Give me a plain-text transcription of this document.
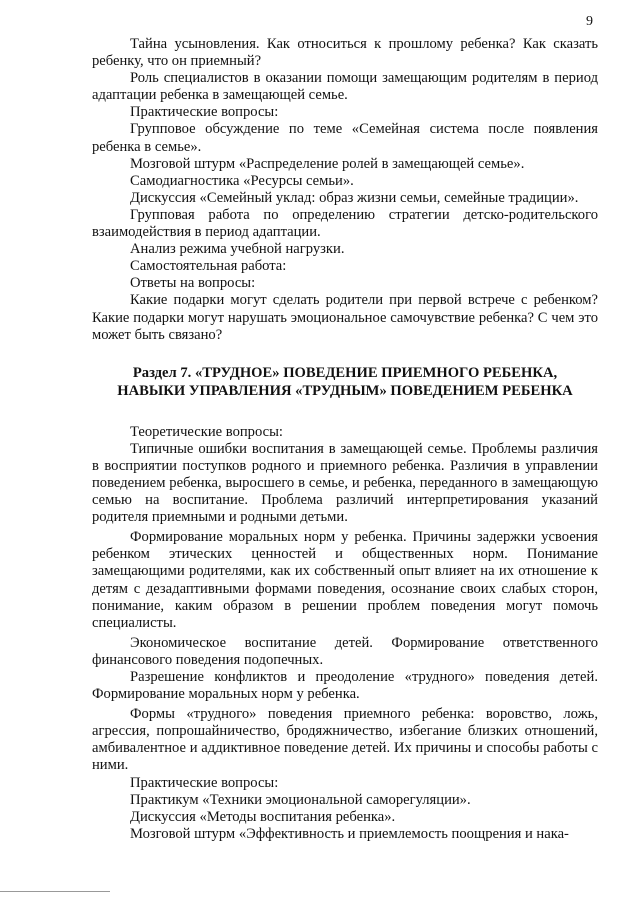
9

Тайна усыновления. Как относиться к прошлому ребенка? Как сказать ребенку, что он приемный?

Роль специалистов в оказании помощи замещающим родителям в период адаптации ребенка в замещающей семье.

Практические вопросы:

Групповое обсуждение по теме «Семейная система после появления ребенка в семье».

Мозговой штурм «Распределение ролей в замещающей семье».

Самодиагностика «Ресурсы семьи».

Дискуссия «Семейный уклад: образ жизни семьи, семейные традиции».

Групповая работа по определению стратегии детско-родительского взаимодействия в период адаптации.

Анализ режима учебной нагрузки.

Самостоятельная работа:

Ответы на вопросы:

Какие подарки могут сделать родители при первой встрече с ребенком? Какие подарки могут нарушать эмоциональное самочувствие ребенка? С чем это может быть связано?

Раздел 7. «ТРУДНОЕ» ПОВЕДЕНИЕ ПРИЕМНОГО РЕБЕНКА,
НАВЫКИ УПРАВЛЕНИЯ «ТРУДНЫМ» ПОВЕДЕНИЕМ РЕБЕНКА

Теоретические вопросы:

Типичные ошибки воспитания в замещающей семье. Проблемы различия в восприятии поступков родного и приемного ребенка. Различия в управлении поведением ребенка, выросшего в семье, и ребенка, переданного в замещающую семью на воспитание. Проблема различий интерпретирования указаний родителя приемными и родными детьми.

Формирование моральных норм у ребенка. Причины задержки усвоения ребенком этических ценностей и общественных норм. Понимание замещающими родителями, как их собственный опыт влияет на их отношение к детям с дезадаптивными формами поведения, осознание своих слабых сторон, понимание, каким образом в решении проблем поведения могут помочь специалисты.

Экономическое воспитание детей. Формирование ответственного финансового поведения подопечных.

Разрешение конфликтов и преодоление «трудного» поведения детей. Формирование моральных норм у ребенка.

Формы «трудного» поведения приемного ребенка: воровство, ложь, агрессия, попрошайничество, бродяжничество, избегание близких отношений, амбивалентное и аддиктивное поведение детей. Их причины и способы работы с ними.

Практические вопросы:

Практикум «Техники эмоциональной саморегуляции».

Дискуссия «Методы воспитания ребенка».

Мозговой штурм «Эффективность и приемлемость поощрения и нака-
